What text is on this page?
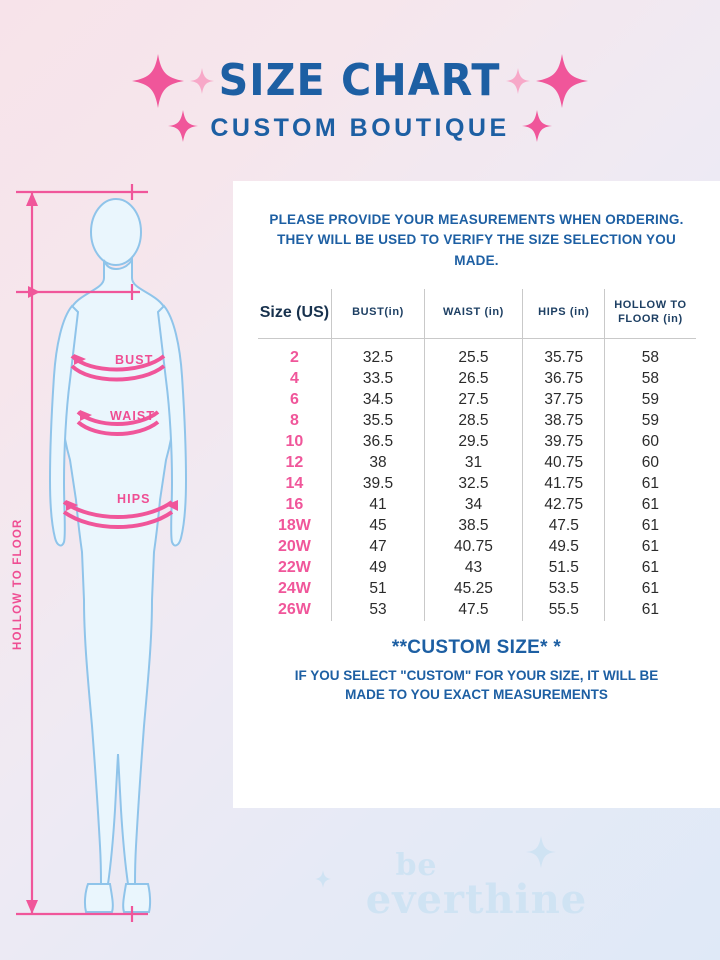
SIZE CHART
CUSTOM BOUTIQUE
HOLLOW TO FLOOR
BUST
WAIST
HIPS
PLEASE PROVIDE YOUR MEASUREMENTS WHEN ORDERING. THEY WILL BE USED TO VERIFY THE SIZE SELECTION YOU MADE.
Size (US)	BUST(in)	WAIST (in)	HIPS (in)	HOLLOW TO FLOOR (in)
2	32.5	25.5	35.75	58
4	33.5	26.5	36.75	58
6	34.5	27.5	37.75	59
8	35.5	28.5	38.75	59
10	36.5	29.5	39.75	60
12	38	31	40.75	60
14	39.5	32.5	41.75	61
16	41	34	42.75	61
18W	45	38.5	47.5	61
20W	47	40.75	49.5	61
22W	49	43	51.5	61
24W	51	45.25	53.5	61
26W	53	47.5	55.5	61
**CUSTOM SIZE* *
IF YOU SELECT "CUSTOM" FOR YOUR SIZE, IT WILL BE MADE TO YOU EXACT MEASUREMENTS
be
everthine
